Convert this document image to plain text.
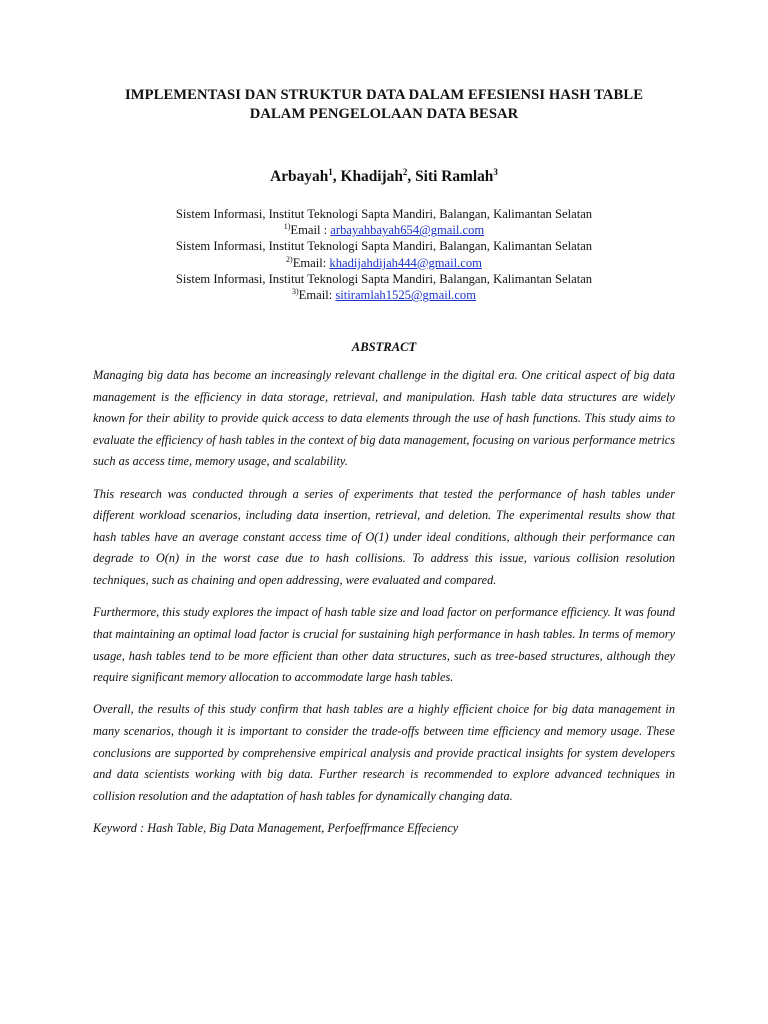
IMPLEMENTASI DAN STRUKTUR DATA DALAM EFESIENSI HASH TABLE
DALAM PENGELOLAAN DATA BESAR
Arbayah$^1$, Khadijah$^2$, Siti Ramlah$^3$
Sistem Informasi, Institut Teknologi Sapta Mandiri, Balangan, Kalimantan Selatan
$^{1)}$Email : arbayahbayah654@gmail.com
Sistem Informasi, Institut Teknologi Sapta Mandiri, Balangan, Kalimantan Selatan
$^{2)}$Email: khadijahdijah444@gmail.com
Sistem Informasi, Institut Teknologi Sapta Mandiri, Balangan, Kalimantan Selatan
$^{3)}$Email: sitiramlah1525@gmail.com
ABSTRACT

Managing big data has become an increasingly relevant challenge in the digital era. One critical aspect of big data management is the efficiency in data storage, retrieval, and manipulation. Hash table data structures are widely known for their ability to provide quick access to data elements through the use of hash functions. This study aims to evaluate the efficiency of hash tables in the context of big data management, focusing on various performance metrics such as access time, memory usage, and scalability.

This research was conducted through a series of experiments that tested the performance of hash tables under different workload scenarios, including data insertion, retrieval, and deletion. The experimental results show that hash tables have an average constant access time of O(1) under ideal conditions, although their performance can degrade to O(n) in the worst case due to hash collisions. To address this issue, various collision resolution techniques, such as chaining and open addressing, were evaluated and compared.

Furthermore, this study explores the impact of hash table size and load factor on performance efficiency. It was found that maintaining an optimal load factor is crucial for sustaining high performance in hash tables. In terms of memory usage, hash tables tend to be more efficient than other data structures, such as tree-based structures, although they require significant memory allocation to accommodate large hash tables.

Overall, the results of this study confirm that hash tables are a highly efficient choice for big data management in many scenarios, though it is important to consider the trade-offs between time efficiency and memory usage. These conclusions are supported by comprehensive empirical analysis and provide practical insights for system developers and data scientists working with big data. Further research is recommended to explore advanced techniques in collision resolution and the adaptation of hash tables for dynamically changing data.

Keyword : Hash Table, Big Data Management, Perfoeffrmance Effeciency
